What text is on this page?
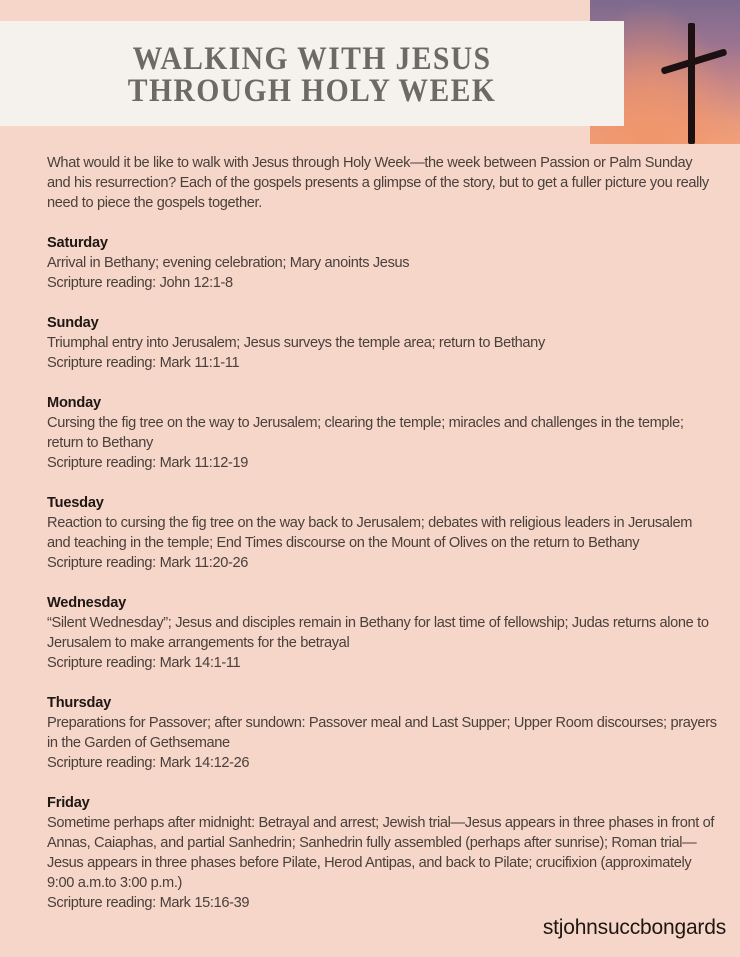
WALKING WITH JESUS
THROUGH HOLY WEEK

What would it be like to walk with Jesus through Holy Week—the week between Passion or Palm Sunday and his resurrection? Each of the gospels presents a glimpse of the story, but to get a fuller picture you really need to piece the gospels together.

Saturday

Arrival in Bethany; evening celebration; Mary anoints Jesus

Scripture reading: John 12:1-8

Sunday

Triumphal entry into Jerusalem; Jesus surveys the temple area; return to Bethany

Scripture reading: Mark 11:1-11

Monday

Cursing the fig tree on the way to Jerusalem; clearing the temple; miracles and challenges in the temple; return to Bethany

Scripture reading: Mark 11:12-19

Tuesday

Reaction to cursing the fig tree on the way back to Jerusalem; debates with religious leaders in Jerusalem and teaching in the temple; End Times discourse on the Mount of Olives on the return to Bethany

Scripture reading: Mark 11:20-26

Wednesday

“Silent Wednesday”; Jesus and disciples remain in Bethany for last time of fellowship; Judas returns alone to Jerusalem to make arrangements for the betrayal

Scripture reading: Mark 14:1-11

Thursday

Preparations for Passover; after sundown: Passover meal and Last Supper; Upper Room discourses; prayers in the Garden of Gethsemane

Scripture reading: Mark 14:12-26

Friday

Sometime perhaps after midnight: Betrayal and arrest; Jewish trial—Jesus appears in three phases in front of Annas, Caiaphas, and partial Sanhedrin; Sanhedrin fully assembled (perhaps after sunrise); Roman trial—Jesus appears in three phases before Pilate, Herod Antipas, and back to Pilate; crucifixion (approximately 9:00 a.m.to 3:00 p.m.)

Scripture reading: Mark 15:16-39

stjohnsuccbongards
